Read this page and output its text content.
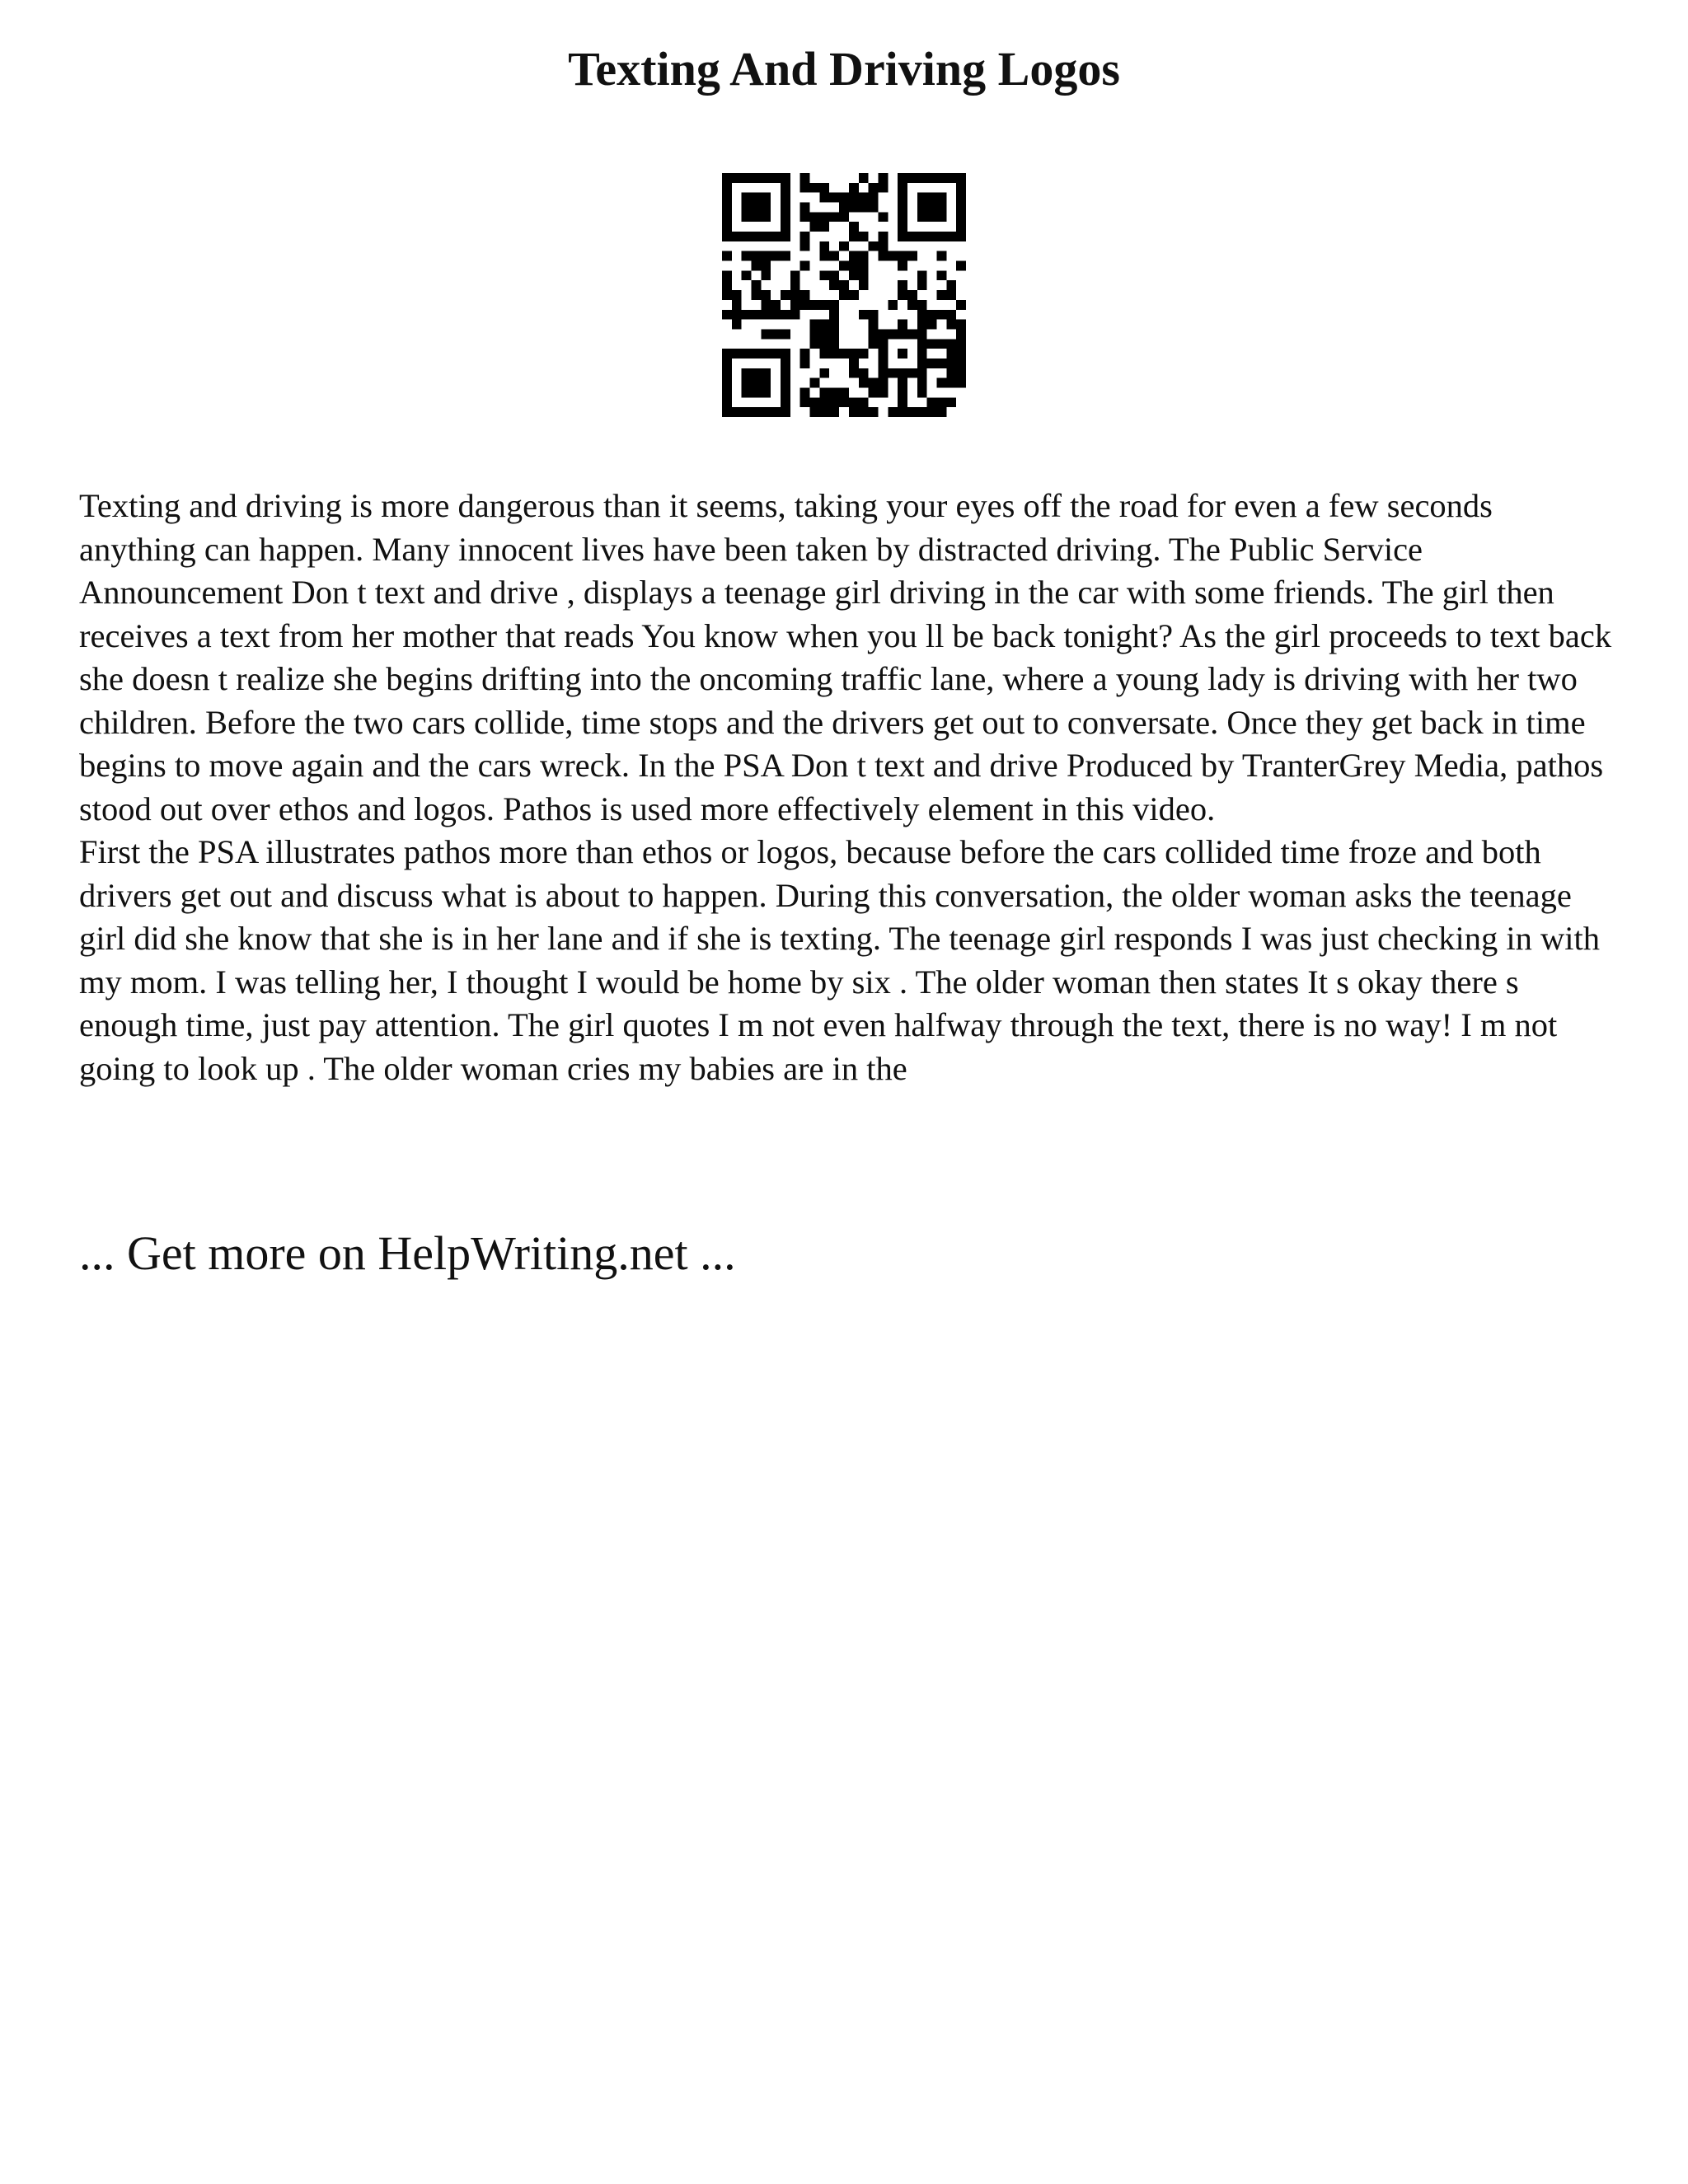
Texting And Driving Logos

Texting and driving is more dangerous than it seems, taking your eyes off the road for even a few seconds anything can happen. Many innocent lives have been taken by distracted driving. The Public Service Announcement Don t text and drive , displays a teenage girl driving in the car with some friends. The girl then receives a text from her mother that reads You know when you ll be back tonight? As the girl proceeds to text back she doesn t realize she begins drifting into the oncoming traffic lane, where a young lady is driving with her two children. Before the two cars collide, time stops and the drivers get out to conversate. Once they get back in time begins to move again and the cars wreck. In the PSA Don t text and drive Produced by TranterGrey Media, pathos stood out over ethos and logos. Pathos is used more effectively element in this video.

First the PSA illustrates pathos more than ethos or logos, because before the cars collided time froze and both drivers get out and discuss what is about to happen. During this conversation, the older woman asks the teenage girl did she know that she is in her lane and if she is texting. The teenage girl responds I was just checking in with my mom. I was telling her, I thought I would be home by six . The older woman then states It s okay there s enough time, just pay attention. The girl quotes I m not even halfway through the text, there is no way! I m not going to look up . The older woman cries my babies are in the

... Get more on HelpWriting.net ...
